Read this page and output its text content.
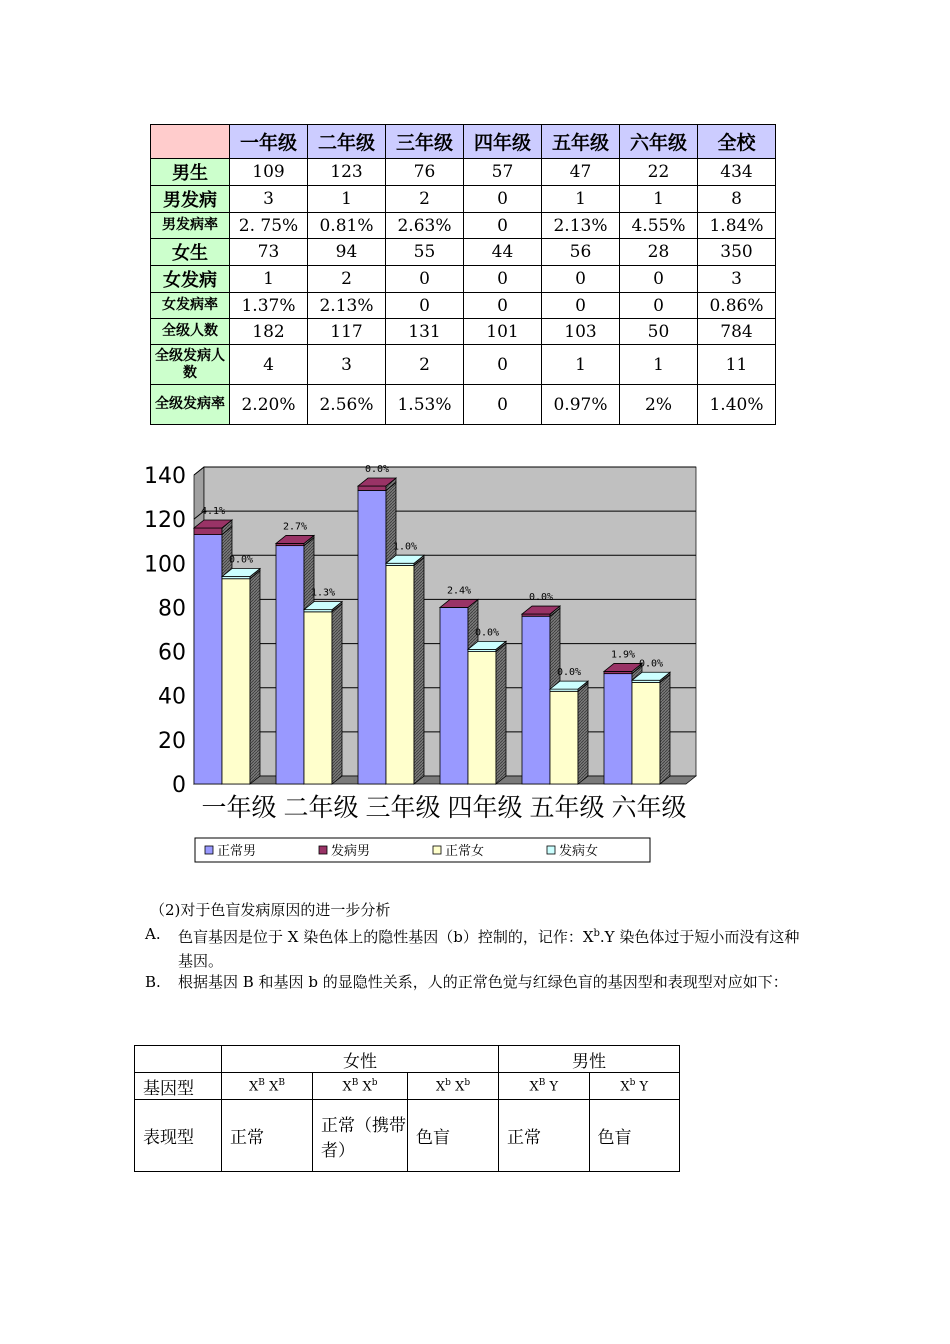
	一年级	二年级	三年级	四年级	五年级	六年级	全校
男生	109	123	76	57	47	22	434
男发病	3	1	2	0	1	1	8
男发病率	2. 75%	0.81%	2.63%	0	2.13%	4.55%	1.84%
女生	73	94	55	44	56	28	350
女发病	1	2	0	0	0	0	3
女发病率	1.37%	2.13%	0	0	0	0	0.86%
全级人数	182	117	131	101	103	50	784
全级发病人数	4	3	2	0	1	1	11
全级发病率	2.20%	2.56%	1.53%	0	0.97%	2%	1.40%
0
20
40
60
80
100
120
140
4.1%
0.0%
一年级
2.7%
1.3%
二年级
0.0%
1.0%
三年级
2.4%
0.0%
四年级
0.0%
0.0%
五年级
1.9%
0.0%
六年级
正常男	发病男	正常女	发病女
（2)对于色盲发病原因的进一步分析
A. 色盲基因是位于 X 染色体上的隐性基因（b）控制的，记作：$X^b.Y$ 染色体过于短小而没有这种基因。
B. 根据基因 B 和基因 b 的显隐性关系，人的正常色觉与红绿色盲的基因型和表现型对应如下：
	女性			男性	
基因型	$X^B$ $X^B$	$X^B$ $X^b$	$X^b$ $X^b$	$X^B$ Y	$X^b$ Y
表现型	正常	正常（携带者）	色盲	正常	色盲
